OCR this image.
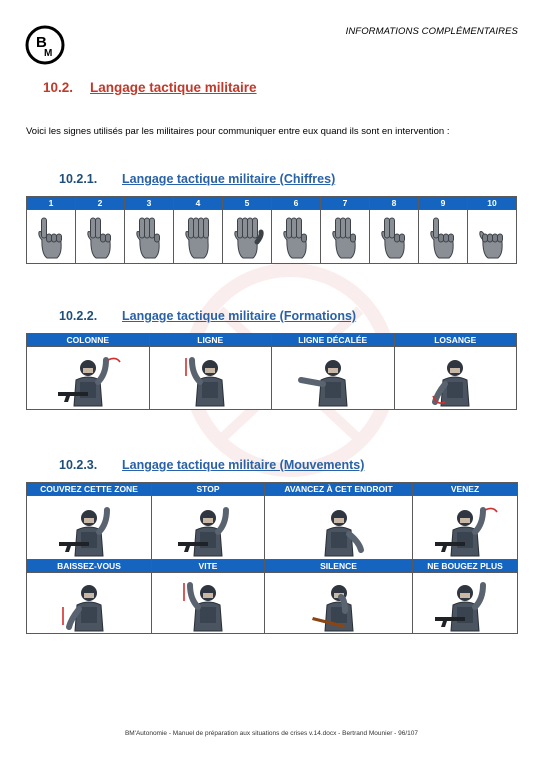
B
M
INFORMATIONS COMPLÉMENTAIRES
10.2. Langage tactique militaire
Voici les signes utilisés par les militaires pour communiquer entre eux quand ils sont en intervention :
10.2.1. Langage tactique militaire (Chiffres)
1	2	3	4	5	6	7	8	9	10

10.2.2. Langage tactique militaire (Formations)
COLONNE	LIGNE	LIGNE DÉCALÉE	LOSANGE

10.2.3. Langage tactique militaire (Mouvements)
COUVREZ CETTE ZONE	STOP	AVANCEZ À CET ENDROIT	VENEZ

BAISSEZ-VOUS	VITE	SILENCE	NE BOUGEZ PLUS

BM'Autonomie - Manuel de préparation aux situations de crises v.14.docx - Bertrand Mounier - 96/107
